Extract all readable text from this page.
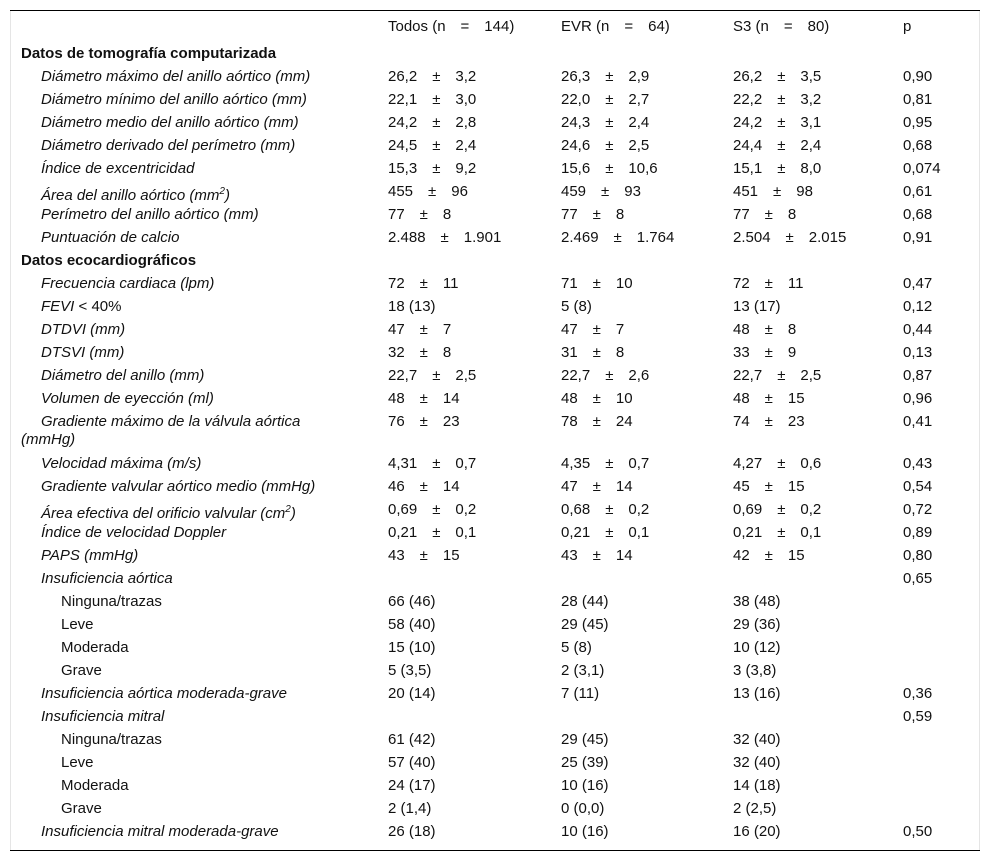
	Todos (n = 144)	EVR (n = 64)	S3 (n = 80)	p
Datos de tomografía computarizada				
Diámetro máximo del anillo aórtico (mm)	26,2 ± 3,2	26,3 ± 2,9	26,2 ± 3,5	0,90
Diámetro mínimo del anillo aórtico (mm)	22,1 ± 3,0	22,0 ± 2,7	22,2 ± 3,2	0,81
Diámetro medio del anillo aórtico (mm)	24,2 ± 2,8	24,3 ± 2,4	24,2 ± 3,1	0,95
Diámetro derivado del perímetro (mm)	24,5 ± 2,4	24,6 ± 2,5	24,4 ± 2,4	0,68
Índice de excentricidad	15,3 ± 9,2	15,6 ± 10,6	15,1 ± 8,0	0,074
Área del anillo aórtico $(mm^2)$	455 ± 96	459 ± 93	451 ± 98	0,61
Perímetro del anillo aórtico (mm)	77 ± 8	77 ± 8	77 ± 8	0,68
Puntuación de calcio	2.488 ± 1.901	2.469 ± 1.764	2.504 ± 2.015	0,91
Datos ecocardiográficos				
Frecuencia cardiaca (lpm)	72 ± 11	71 ± 10	72 ± 11	0,47
FEVI < 40%	18 (13)	5 (8)	13 (17)	0,12
DTDVI (mm)	47 ± 7	47 ± 7	48 ± 8	0,44
DTSVI (mm)	32 ± 8	31 ± 8	33 ± 9	0,13
Diámetro del anillo (mm)	22,7 ± 2,5	22,7 ± 2,6	22,7 ± 2,5	0,87
Volumen de eyección (ml)	48 ± 14	48 ± 10	48 ± 15	0,96

Gradiente máximo de la válvula aórtica
(mmHg)	76 ± 23	78 ± 24	74 ± 23	0,41
Velocidad máxima (m/s)	4,31 ± 0,7	4,35 ± 0,7	4,27 ± 0,6	0,43
Gradiente valvular aórtico medio (mmHg)	46 ± 14	47 ± 14	45 ± 15	0,54
Área efectiva del orificio valvular $(cm^2)$	0,69 ± 0,2	0,68 ± 0,2	0,69 ± 0,2	0,72
Índice de velocidad Doppler	0,21 ± 0,1	0,21 ± 0,1	0,21 ± 0,1	0,89
PAPS (mmHg)	43 ± 15	43 ± 14	42 ± 15	0,80
Insuficiencia aórtica				0,65
Ninguna/trazas	66 (46)	28 (44)	38 (48)	
Leve	58 (40)	29 (45)	29 (36)	
Moderada	15 (10)	5 (8)	10 (12)	
Grave	5 (3,5)	2 (3,1)	3 (3,8)	
Insuficiencia aórtica moderada-grave	20 (14)	7 (11)	13 (16)	0,36
Insuficiencia mitral				0,59
Ninguna/trazas	61 (42)	29 (45)	32 (40)	
Leve	57 (40)	25 (39)	32 (40)	
Moderada	24 (17)	10 (16)	14 (18)	
Grave	2 (1,4)	0 (0,0)	2 (2,5)	
Insuficiencia mitral moderada-grave	26 (18)	10 (16)	16 (20)	0,50
